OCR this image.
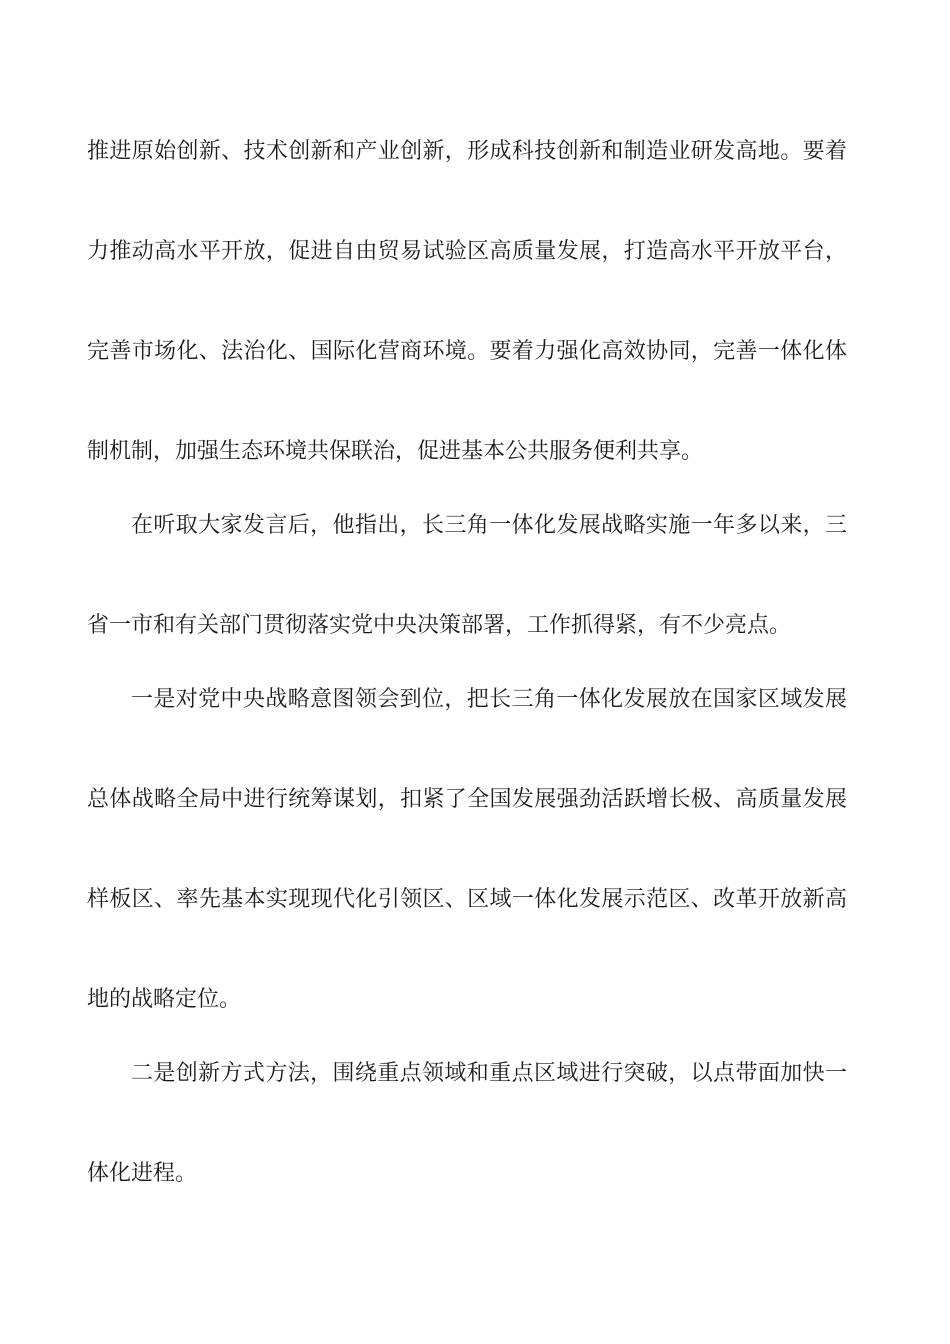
推进原始创新、技术创新和产业创新，形成科技创新和制造业研发高地。要着
力推动高水平开放，促进自由贸易试验区高质量发展，打造高水平开放平台，
完善市场化、法治化、国际化营商环境。要着力强化高效协同，完善一体化体
制机制，加强生态环境共保联治，促进基本公共服务便利共享。
在听取大家发言后，他指出，长三角一体化发展战略实施一年多以来，三
省一市和有关部门贯彻落实党中央决策部署，工作抓得紧，有不少亮点。
一是对党中央战略意图领会到位，把长三角一体化发展放在国家区域发展
总体战略全局中进行统筹谋划，扣紧了全国发展强劲活跃增长极、高质量发展
样板区、率先基本实现现代化引领区、区域一体化发展示范区、改革开放新高
地的战略定位。
二是创新方式方法，围绕重点领域和重点区域进行突破，以点带面加快一
体化进程。
